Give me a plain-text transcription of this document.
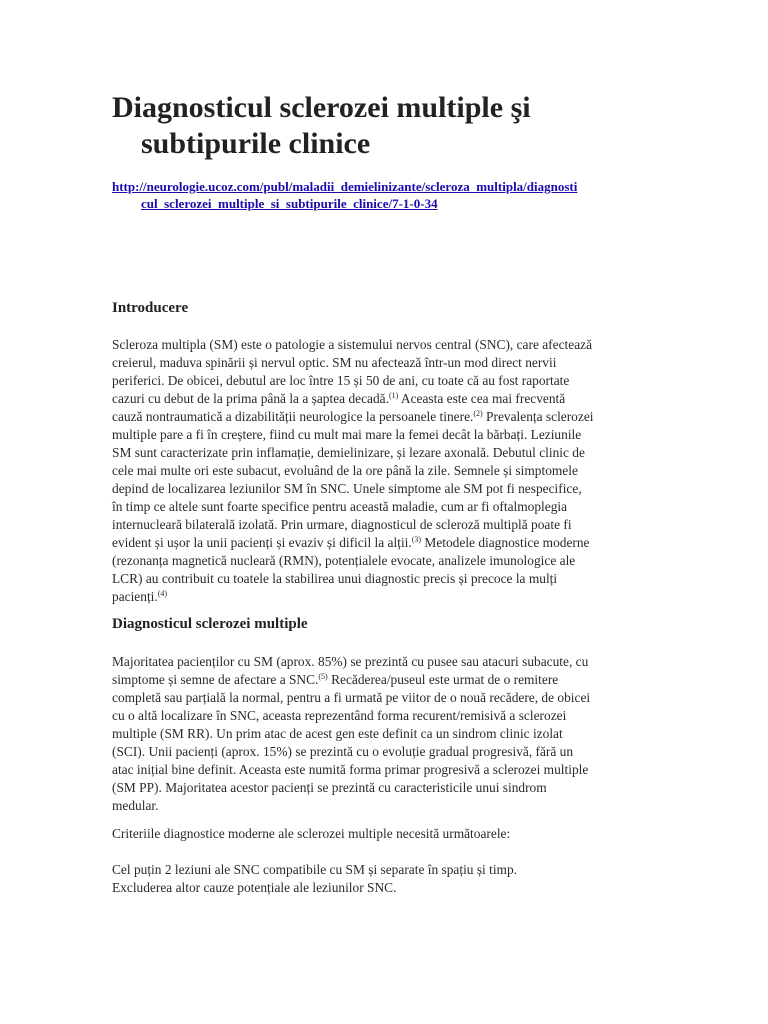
Diagnosticul sclerozei multiple şi
subtipurile clinice
http://neurologie.ucoz.com/publ/maladii_demielinizante/scleroza_multipla/diagnosti
cul_sclerozei_multiple_si_subtipurile_clinice/7-1-0-34
Introducere

Scleroza multipla (SM) este o patologie a sistemului nervos central (SNC), care afectează
creierul, maduva spinării și nervul optic. SM nu afectează într-un mod direct nervii
periferici. De obicei, debutul are loc între 15 și 50 de ani, cu toate că au fost raportate
cazuri cu debut de la prima până la a șaptea decadă.$^{(1)}$ Aceasta este cea mai frecventă
cauză nontraumatică a dizabilității neurologice la persoanele tinere.$^{(2)}$ Prevalența sclerozei
multiple pare a fi în creștere, fiind cu mult mai mare la femei decât la bărbați. Leziunile
SM sunt caracterizate prin inflamație, demielinizare, și lezare axonală. Debutul clinic de
cele mai multe ori este subacut, evoluând de la ore până la zile. Semnele și simptomele
depind de localizarea leziunilor SM în SNC. Unele simptome ale SM pot fi nespecifice,
în timp ce altele sunt foarte specifice pentru această maladie, cum ar fi oftalmoplegia
internucleară bilaterală izolată. Prin urmare, diagnosticul de scleroză multiplă poate fi
evident și ușor la unii pacienți și evaziv și dificil la alții.$^{(3)}$ Metodele diagnostice moderne
(rezonanța magnetică nucleară (RMN), potențialele evocate, analizele imunologice ale
LCR) au contribuit cu toatele la stabilirea unui diagnostic precis și precoce la mulți
pacienți.$^{(4)}$

Diagnosticul sclerozei multiple

Majoritatea pacienților cu SM (aprox. 85%) se prezintă cu pusee sau atacuri subacute, cu
simptome și semne de afectare a SNC.$^{(5)}$ Recăderea/puseul este urmat de o remitere
completă sau parțială la normal, pentru a fi urmată pe viitor de o nouă recădere, de obicei
cu o altă localizare în SNC, aceasta reprezentând forma recurent/remisivă a sclerozei
multiple (SM RR). Un prim atac de acest gen este definit ca un sindrom clinic izolat
(SCI). Unii pacienți (aprox. 15%) se prezintă cu o evoluție gradual progresivă, fără un
atac inițial bine definit. Aceasta este numită forma primar progresivă a sclerozei multiple
(SM PP). Majoritatea acestor pacienți se prezintă cu caracteristicile unui sindrom
medular.

Criteriile diagnostice moderne ale sclerozei multiple necesită următoarele:

Cel puțin 2 leziuni ale SNC compatibile cu SM și separate în spațiu și timp.
Excluderea altor cauze potențiale ale leziunilor SNC.
